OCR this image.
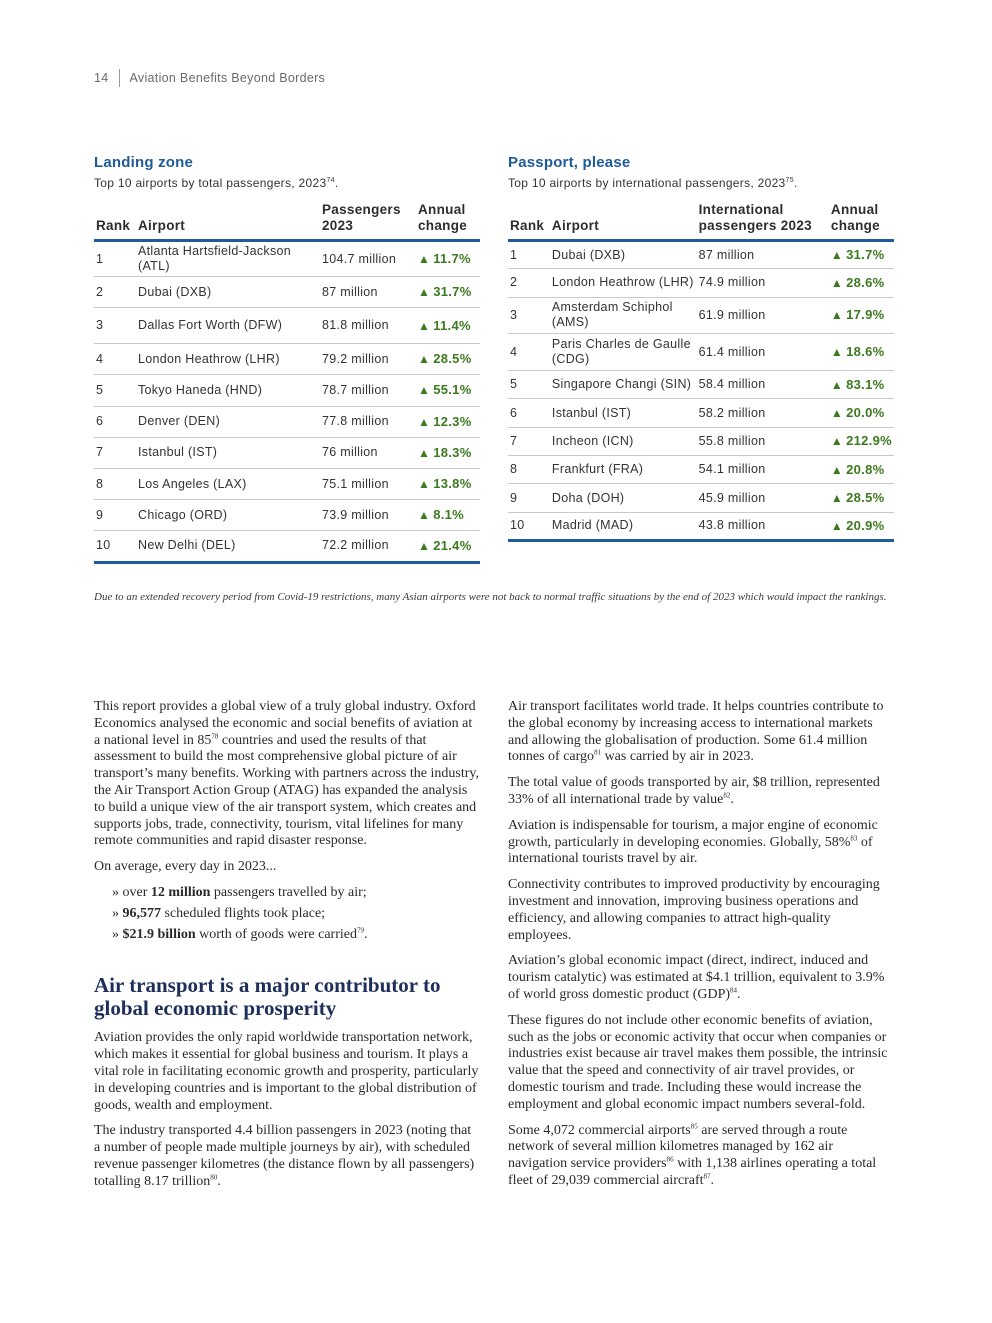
14 Aviation Benefits Beyond Borders
Landing zone
Top 10 airports by total passengers, 2023$^{74}$.
Rank	Airport	Passengers 2023	Annual change
1	Atlanta Hartsfield-Jackson (ATL)	104.7 million	▲ 11.7%
2	Dubai (DXB)	87 million	▲ 31.7%
3	Dallas Fort Worth (DFW)	81.8 million	▲ 11.4%
4	London Heathrow (LHR)	79.2 million	▲ 28.5%
5	Tokyo Haneda (HND)	78.7 million	▲ 55.1%
6	Denver (DEN)	77.8 million	▲ 12.3%
7	Istanbul (IST)	76 million	▲ 18.3%
8	Los Angeles (LAX)	75.1 million	▲ 13.8%
9	Chicago (ORD)	73.9 million	▲ 8.1%
10	New Delhi (DEL)	72.2 million	▲ 21.4%
Passport, please
Top 10 airports by international passengers, 2023$^{75}$.
Rank	Airport	International passengers 2023	Annual change
1	Dubai (DXB)	87 million	▲ 31.7%
2	London Heathrow (LHR)	74.9 million	▲ 28.6%
3	Amsterdam Schiphol (AMS)	61.9 million	▲ 17.9%
4	Paris Charles de Gaulle (CDG)	61.4 million	▲ 18.6%
5	Singapore Changi (SIN)	58.4 million	▲ 83.1%
6	Istanbul (IST)	58.2 million	▲ 20.0%
7	Incheon (ICN)	55.8 million	▲ 212.9%
8	Frankfurt (FRA)	54.1 million	▲ 20.8%
9	Doha (DOH)	45.9 million	▲ 28.5%
10	Madrid (MAD)	43.8 million	▲ 20.9%
Due to an extended recovery period from Covid-19 restrictions, many Asian airports were not back to normal traffic situations by the end of 2023 which would impact the rankings.

This report provides a global view of a truly global industry. Oxford Economics analysed the economic and social benefits of aviation at a national level in $85^{78}$ countries and used the results of that assessment to build the most comprehensive global picture of air transport’s many benefits. Working with partners across the industry, the Air Transport Action Group (ATAG) has expanded the analysis to build a unique view of the air transport system, which creates and supports jobs, trade, connectivity, tourism, vital lifelines for many remote communities and rapid disaster response.

On average, every day in 2023...

» over 12 million passengers travelled by air;
» 96,577 scheduled flights took place;
» $21.9 billion worth of goods were carried$^{79}$.
Air transport is a major contributor to global economic prosperity

Aviation provides the only rapid worldwide transportation network, which makes it essential for global business and tourism. It plays a vital role in facilitating economic growth and prosperity, particularly in developing countries and is important to the global distribution of goods, wealth and employment.

The industry transported 4.4 billion passengers in 2023 (noting that a number of people made multiple journeys by air), with scheduled revenue passenger kilometres (the distance flown by all passengers) totalling 8.17 trillion$^{80}$.

Air transport facilitates world trade. It helps countries contribute to the global economy by increasing access to international markets and allowing the globalisation of production. Some 61.4 million tonnes of cargo$^{81}$ was carried by air in 2023.

The total value of goods transported by air, $8 trillion, represented 33% of all international trade by value$^{82}$.

Aviation is indispensable for tourism, a major engine of economic growth, particularly in developing economies. Globally, 58%$^{83}$ of international tourists travel by air.

Connectivity contributes to improved productivity by encouraging investment and innovation, improving business operations and efficiency, and allowing companies to attract high-quality employees.

Aviation’s global economic impact (direct, indirect, induced and tourism catalytic) was estimated at $4.1 trillion, equivalent to 3.9% of world gross domestic product (GDP)$^{84}$.

These figures do not include other economic benefits of aviation, such as the jobs or economic activity that occur when companies or industries exist because air travel makes them possible, the intrinsic value that the speed and connectivity of air travel provides, or domestic tourism and trade. Including these would increase the employment and global economic impact numbers several-fold.

Some 4,072 commercial airports$^{85}$ are served through a route network of several million kilometres managed by 162 air navigation service providers$^{86}$ with 1,138 airlines operating a total fleet of 29,039 commercial aircraft$^{87}$.
